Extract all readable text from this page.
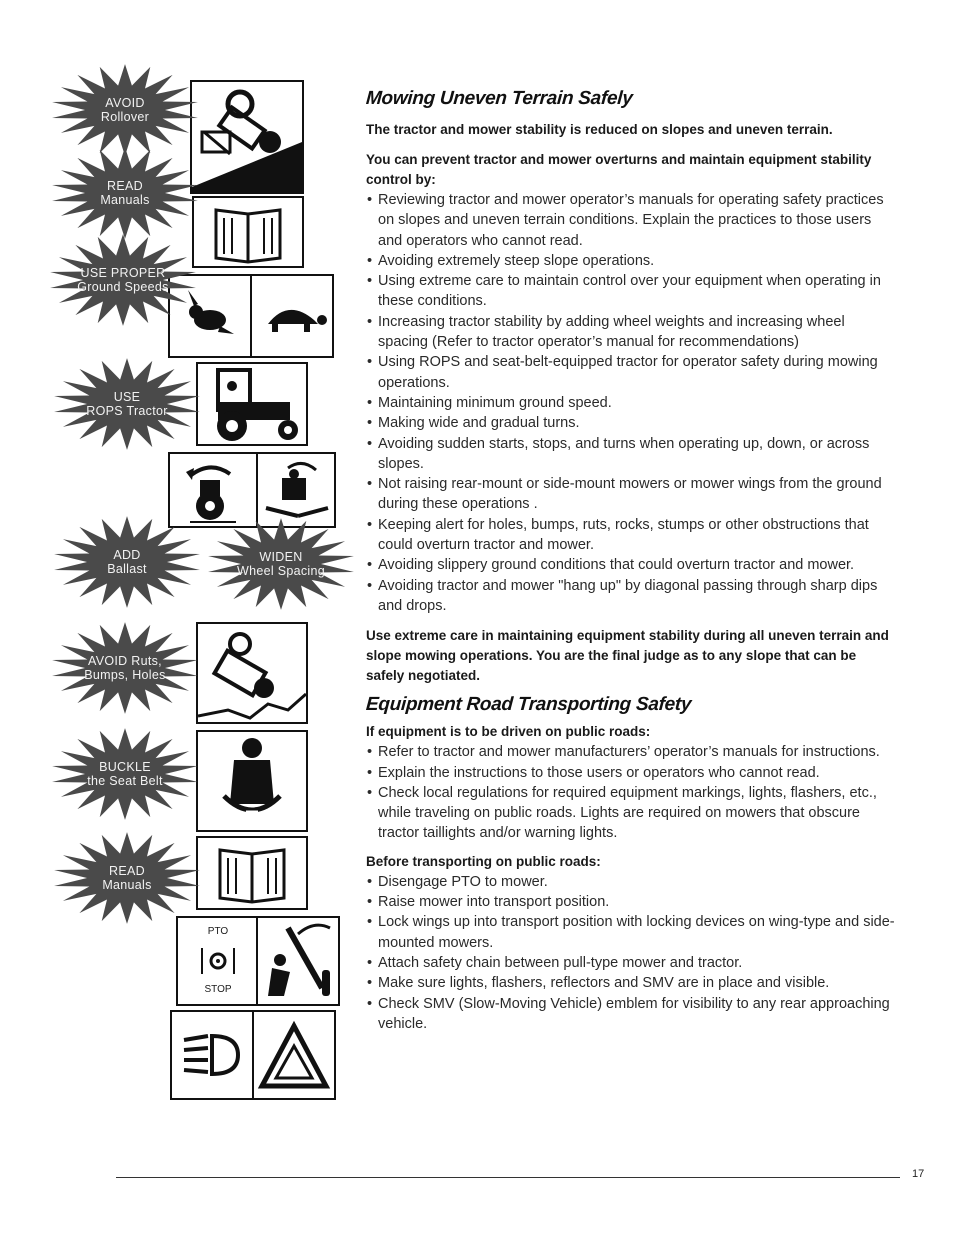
PTO
STOP
AVOID
Rollover
READ
Manuals
USE PROPER
Ground Speeds
USE
ROPS Tractor
ADD
Ballast
WIDEN
Wheel Spacing
AVOID Ruts,
Bumps, Holes
BUCKLE
the Seat Belt
READ
Manuals
Mowing Uneven Terrain Safely

The tractor and mower stability is reduced on slopes and uneven terrain.

You can prevent tractor and mower overturns and maintain equipment stability control by:

• Reviewing tractor and mower operator’s manuals for operating safety practices on slopes and uneven terrain conditions. Explain the practices to those users and operators who cannot read.
• Avoiding extremely steep slope operations.
• Using extreme care to maintain control over your equipment when operating in these conditions.
• Increasing tractor stability by adding wheel weights and increasing wheel spacing (Refer to tractor operator’s manual for recommendations)
• Using ROPS and seat-belt-equipped tractor for operator safety during mowing operations.
• Maintaining minimum ground speed.
• Making wide and gradual turns.
• Avoiding sudden starts, stops, and turns when operating up, down, or across slopes.
• Not raising rear-mount or side-mount mowers or mower wings from the ground during these operations .
• Keeping alert for holes, bumps, ruts, rocks, stumps or other obstructions that could overturn tractor and mower.
• Avoiding slippery ground conditions that could overturn tractor and mower.
• Avoiding tractor and mower "hang up" by diagonal passing through sharp dips and drops.

Use extreme care in maintaining equipment stability during all uneven terrain and slope mowing operations. You are the final judge as to any slope that can be safely negotiated.

Equipment Road Transporting Safety

If equipment is to be driven on public roads:

• Refer to tractor and mower manufacturers’ operator’s manuals for instructions.
• Explain the instructions to those users or operators who cannot read.
• Check local regulations for required equipment markings, lights, flashers, etc., while traveling on public roads. Lights are required on mowers that obscure tractor taillights and/or warning lights.

Before transporting on public roads:

• Disengage PTO to mower.
• Raise mower into transport position.
• Lock wings up into transport position with locking devices on wing-type and side-mounted mowers.
• Attach safety chain between pull-type mower and tractor.
• Make sure lights, flashers, reflectors and SMV are in place and visible.
• Check SMV (Slow-Moving Vehicle) emblem for visibility to any rear approaching vehicle.
17
